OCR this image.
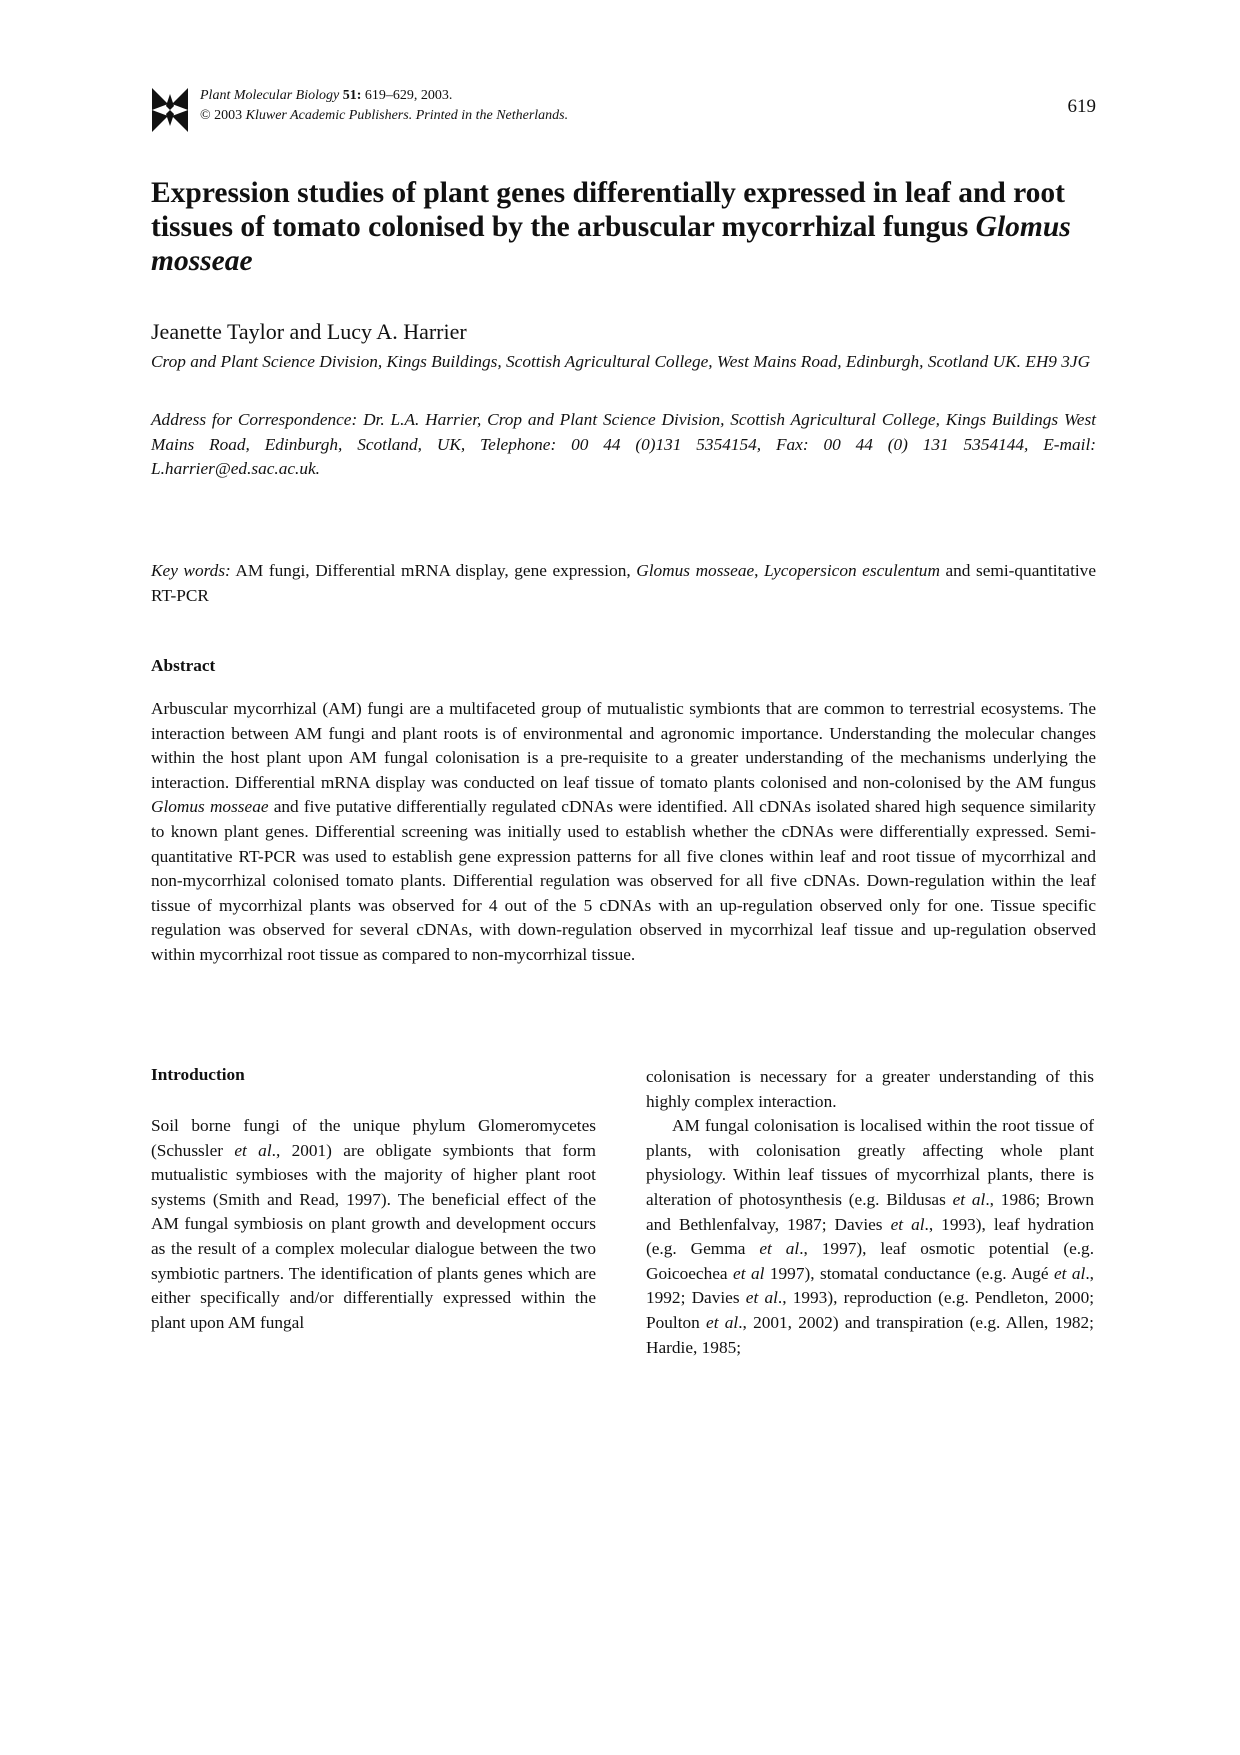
Plant Molecular Biology 51: 619–629, 2003.
© 2003 Kluwer Academic Publishers. Printed in the Netherlands.	619
Expression studies of plant genes differentially expressed in leaf and root tissues of tomato colonised by the arbuscular mycorrhizal fungus Glomus mosseae
Jeanette Taylor and Lucy A. Harrier
Crop and Plant Science Division, Kings Buildings, Scottish Agricultural College, West Mains Road, Edinburgh, Scotland UK. EH9 3JG
Address for Correspondence: Dr. L.A. Harrier, Crop and Plant Science Division, Scottish Agricultural College, Kings Buildings West Mains Road, Edinburgh, Scotland, UK, Telephone: 00 44 (0)131 5354154, Fax: 00 44 (0) 131 5354144, E-mail: L.harrier@ed.sac.ac.uk.
Key words: AM fungi, Differential mRNA display, gene expression, Glomus mosseae, Lycopersicon esculentum and semi-quantitative RT-PCR
Abstract
Arbuscular mycorrhizal (AM) fungi are a multifaceted group of mutualistic symbionts that are common to terrestrial ecosystems. The interaction between AM fungi and plant roots is of environmental and agronomic importance. Understanding the molecular changes within the host plant upon AM fungal colonisation is a pre-requisite to a greater understanding of the mechanisms underlying the interaction. Differential mRNA display was conducted on leaf tissue of tomato plants colonised and non-colonised by the AM fungus Glomus mosseae and five putative differentially regulated cDNAs were identified. All cDNAs isolated shared high sequence similarity to known plant genes. Differential screening was initially used to establish whether the cDNAs were differentially expressed. Semi-quantitative RT-PCR was used to establish gene expression patterns for all five clones within leaf and root tissue of mycorrhizal and non-mycorrhizal colonised tomato plants. Differential regulation was observed for all five cDNAs. Down-regulation within the leaf tissue of mycorrhizal plants was observed for 4 out of the 5 cDNAs with an up-regulation observed only for one. Tissue specific regulation was observed for several cDNAs, with down-regulation observed in mycorrhizal leaf tissue and up-regulation observed within mycorrhizal root tissue as compared to non-mycorrhizal tissue.
Introduction
Soil borne fungi of the unique phylum Glomeromycetes (Schussler et al., 2001) are obligate symbionts that form mutualistic symbioses with the majority of higher plant root systems (Smith and Read, 1997). The beneficial effect of the AM fungal symbiosis on plant growth and development occurs as the result of a complex molecular dialogue between the two symbiotic partners. The identification of plants genes which are either specifically and/or differentially expressed within the plant upon AM fungal

colonisation is necessary for a greater understanding of this highly complex interaction.

AM fungal colonisation is localised within the root tissue of plants, with colonisation greatly affecting whole plant physiology. Within leaf tissues of mycorrhizal plants, there is alteration of photosynthesis (e.g. Bildusas et al., 1986; Brown and Bethlenfalvay, 1987; Davies et al., 1993), leaf hydration (e.g. Gemma et al., 1997), leaf osmotic potential (e.g. Goicoechea et al 1997), stomatal conductance (e.g. Augé et al., 1992; Davies et al., 1993), reproduction (e.g. Pendleton, 2000; Poulton et al., 2001, 2002) and transpiration (e.g. Allen, 1982; Hardie, 1985;
